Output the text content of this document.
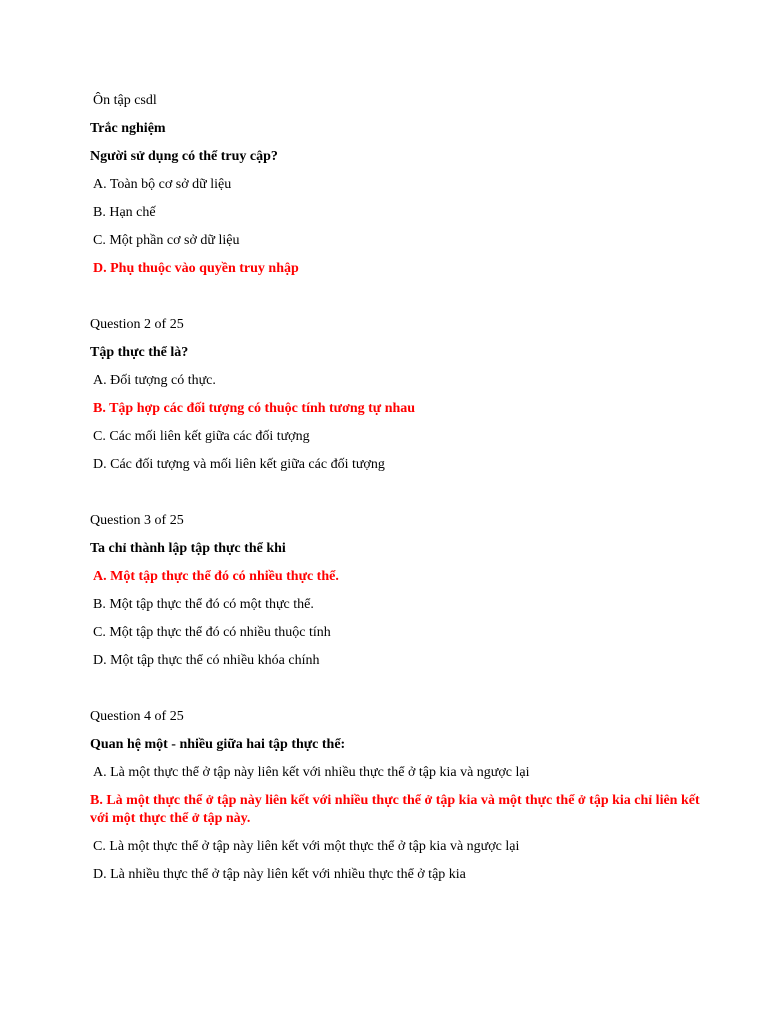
Ôn tập csdl
Trắc nghiệm
Người sử dụng có thể truy cập?
A. Toàn bộ cơ sở dữ liệu
B. Hạn chế
C. Một phần cơ sở dữ liệu
D. Phụ thuộc vào quyền truy nhập
Question 2 of 25
Tập thực thể là?
A. Đối tượng có thực.
B. Tập hợp các đối tượng có thuộc tính tương tự nhau
C. Các mối liên kết giữa các đối tượng
D. Các đối tượng và mối liên kết giữa các đối tượng
Question 3 of 25
Ta chỉ thành lập tập thực thể khi
A. Một tập thực thể đó có nhiều thực thể.
B. Một tập thực thể đó có một thực thể.
C. Một tập thực thể đó có nhiều thuộc tính
D. Một tập thực thể có nhiều khóa chính
Question 4 of 25
Quan hệ một - nhiều giữa hai tập thực thể:
A. Là một thực thể ở tập này liên kết với nhiều thực thể ở tập kia và ngược lại
B. Là một thực thể ở tập này liên kết với nhiều thực thể ở tập kia và một thực thể ở tập kia chỉ liên kết với một thực thể ở tập này.
C. Là một thực thể ở tập này liên kết với một thực thể ở tập kia và ngược lại
D. Là nhiều thực thể ở tập này liên kết với nhiều thực thể ở tập kia
